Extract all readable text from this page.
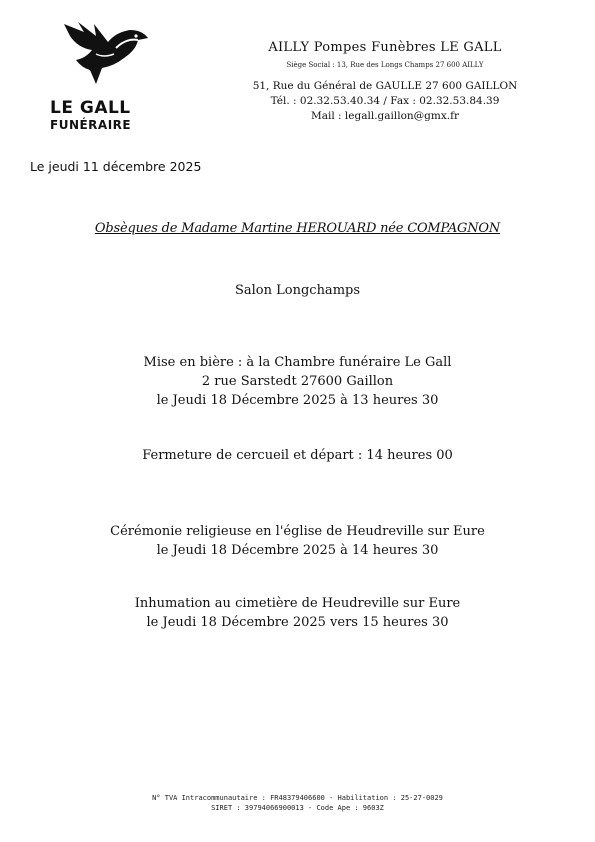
LE GALL
FUNÉRAIRE
AILLY Pompes Funèbres LE GALL
Siège Social : 13, Rue des Longs Champs 27 600 AILLY
51, Rue du Général de GAULLE 27 600 GAILLON
Tél. : 02.32.53.40.34 / Fax : 02.32.53.84.39
Mail : legall.gaillon@gmx.fr
Le jeudi 11 décembre 2025
Obsèques de Madame Martine HEROUARD née COMPAGNON
Salon Longchamps
Mise en bière : à la Chambre funéraire Le Gall
2 rue Sarstedt 27600 Gaillon
le Jeudi 18 Décembre 2025 à 13 heures 30
Fermeture de cercueil et départ : 14 heures 00
Cérémonie religieuse en l'église de Heudreville sur Eure
le Jeudi 18 Décembre 2025 à 14 heures 30
Inhumation au cimetière de Heudreville sur Eure
le Jeudi 18 Décembre 2025 vers 15 heures 30
N° TVA Intracommunautaire : FR48379406600 - Habilitation : 25-27-0029
SIRET : 39794066900013 - Code Ape : 9603Z
